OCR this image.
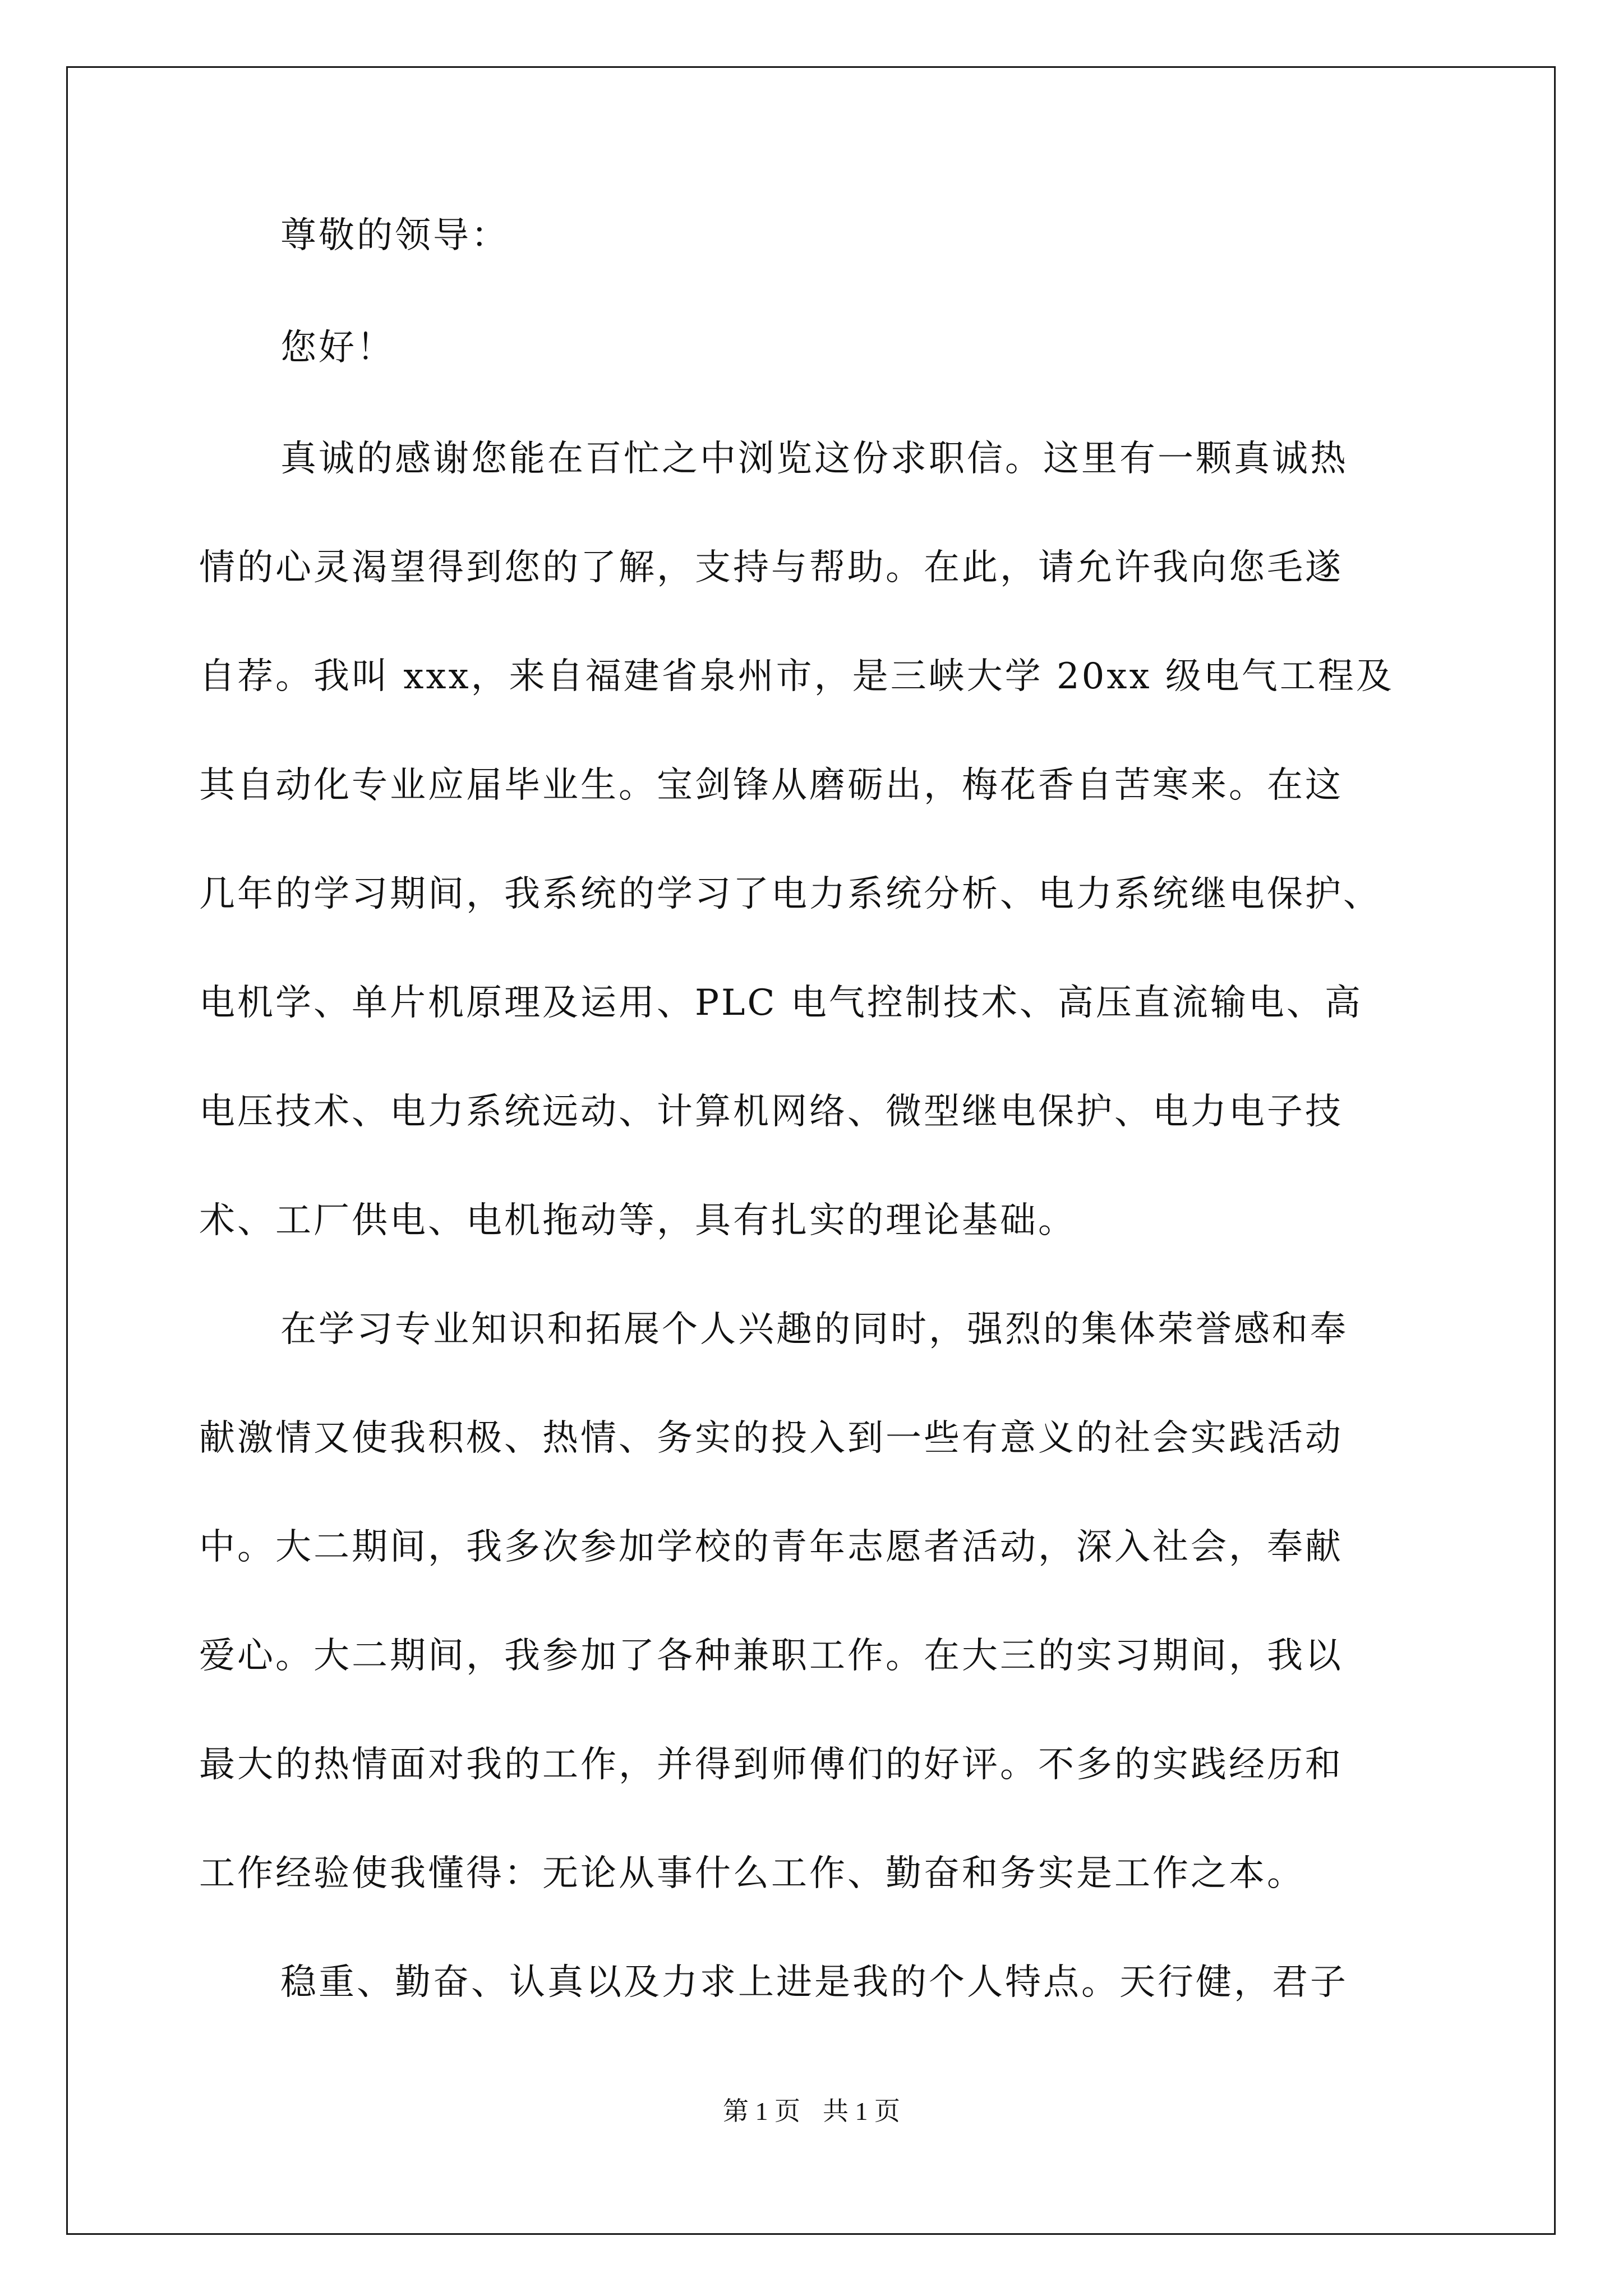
尊敬的领导：
您好！
真诚的感谢您能在百忙之中浏览这份求职信。这里有一颗真诚热
情的心灵渴望得到您的了解，支持与帮助。在此，请允许我向您毛遂
自荐。我叫 xxx，来自福建省泉州市，是三峡大学 20xx 级电气工程及
其自动化专业应届毕业生。宝剑锋从磨砺出，梅花香自苦寒来。在这
几年的学习期间，我系统的学习了电力系统分析、电力系统继电保护、
电机学、单片机原理及运用、PLC 电气控制技术、高压直流输电、高
电压技术、电力系统远动、计算机网络、微型继电保护、电力电子技
术、工厂供电、电机拖动等，具有扎实的理论基础。
在学习专业知识和拓展个人兴趣的同时，强烈的集体荣誉感和奉
献激情又使我积极、热情、务实的投入到一些有意义的社会实践活动
中。大二期间，我多次参加学校的青年志愿者活动，深入社会，奉献
爱心。大二期间，我参加了各种兼职工作。在大三的实习期间，我以
最大的热情面对我的工作，并得到师傅们的好评。不多的实践经历和
工作经验使我懂得：无论从事什么工作、勤奋和务实是工作之本。
稳重、勤奋、认真以及力求上进是我的个人特点。天行健，君子
第 1 页 共 1 页
